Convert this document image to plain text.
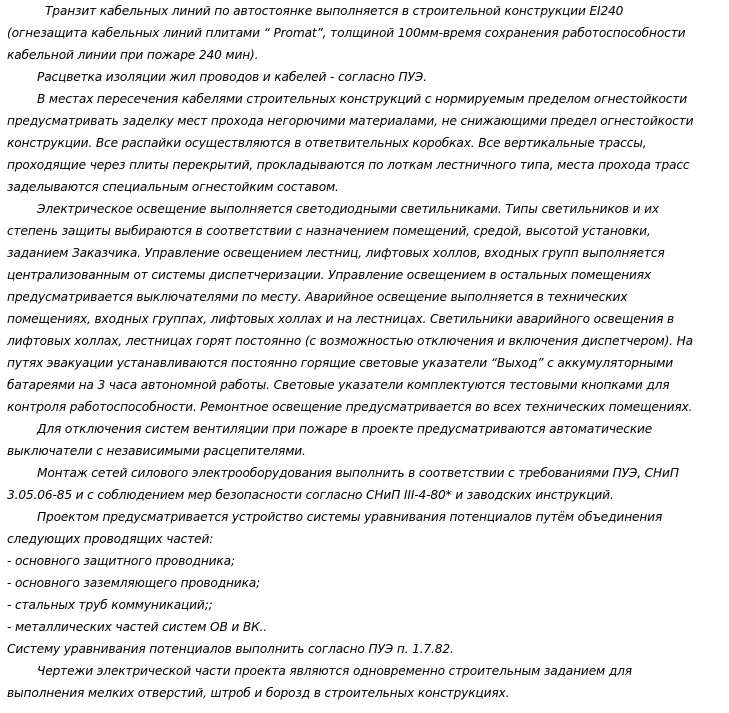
Транзит кабельных линий по автостоянке выполняется в строительной конструкции EI240
(огнезащита кабельных линий плитами “ Promat”, толщиной 100мм-время сохранения работоспособности
кабельной линии при пожаре 240 мин).
Расцветка изоляции жил проводов и кабелей - согласно ПУЭ.
В местах пересечения кабелями строительных конструкций с нормируемым пределом огнестойкости
предусматривать заделку мест прохода негорючими материалами, не снижающими предел огнестойкости
конструкции. Все распайки осуществляются в ответвительных коробках. Все вертикальные трассы,
проходящие через плиты перекрытий, прокладываются по лоткам лестничного типа, места прохода трасс
заделываются специальным огнестойким составом.
Электрическое освещение выполняется светодиодными светильниками. Типы светильников и их
степень защиты выбираются в соответствии с назначением помещений, средой, высотой установки,
заданием Заказчика. Управление освещением лестниц, лифтовых холлов, входных групп выполняется
централизованным от системы диспетчеризации. Управление освещением в остальных помещениях
предусматривается выключателями по месту. Аварийное освещение выполняется в технических
помещениях, входных группах, лифтовых холлах и на лестницах. Светильники аварийного освещения в
лифтовых холлах, лестницах горят постоянно (с возможностью отключения и включения диспетчером). На
путях эвакуации устанавливаются постоянно горящие световые указатели “Выход” с аккумуляторными
батареями на 3 часа автономной работы. Световые указатели комплектуются тестовыми кнопками для
контроля работоспособности. Ремонтное освещение предусматривается во всех технических помещениях.
Для отключения систем вентиляции при пожаре в проекте предусматриваются автоматические
выключатели с независимыми расцепителями.
Монтаж сетей силового электрооборудования выполнить в соответствии с требованиями ПУЭ, СНиП
3.05.06-85 и с соблюдением мер безопасности согласно СНиП III-4-80* и заводских инструкций.
Проектом предусматривается устройство системы уравнивания потенциалов путём объединения
следующих проводящих частей:
- основного защитного проводника;
- основного заземляющего проводника;
- стальных труб коммуникаций;;
- металлических частей систем ОВ и ВК..
Систему уравнивания потенциалов выполнить согласно ПУЭ п. 1.7.82.
Чертежи электрической части проекта являются одновременно строительным заданием для
выполнения мелких отверстий, штроб и борозд в строительных конструкциях.
